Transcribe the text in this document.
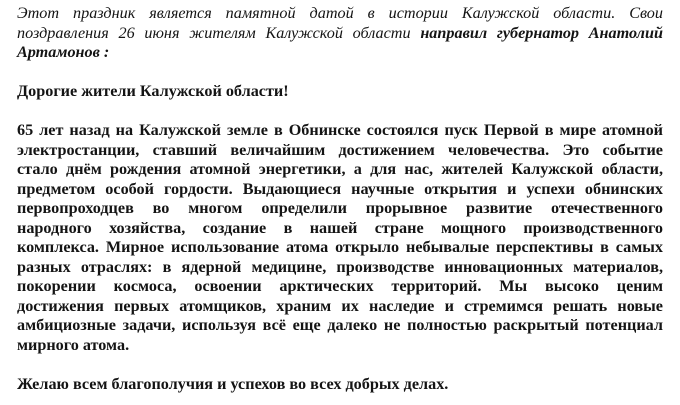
Этот праздник является памятной датой в истории Калужской области. Свои
поздравления 26 июня жителям Калужской области направил губернатор Анатолий
Артамонов :
Дорогие жители Калужской области!
65 лет назад на Калужской земле в Обнинске состоялся пуск Первой в мире атомной
электростанции, ставший величайшим достижением человечества. Это событие
стало днём рождения атомной энергетики, а для нас, жителей Калужской области,
предметом особой гордости. Выдающиеся научные открытия и успехи обнинских
первопроходцев во многом определили прорывное развитие отечественного
народного хозяйства, создание в нашей стране мощного производственного
комплекса. Мирное использование атома открыло небывалые перспективы в самых
разных отраслях: в ядерной медицине, производстве инновационных материалов,
покорении космоса, освоении арктических территорий. Мы высоко ценим
достижения первых атомщиков, храним их наследие и стремимся решать новые
амбициозные задачи, используя всё еще далеко не полностью раскрытый потенциал
мирного атома.
Желаю всем благополучия и успехов во всех добрых делах.
